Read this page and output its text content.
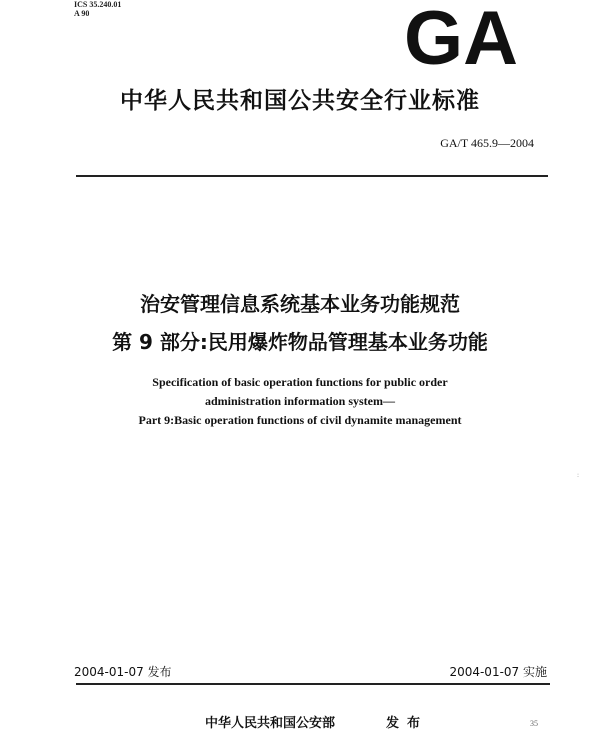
ICS 35.240.01
A 90	GA
中华人民共和国公共安全行业标准
GA/T 465.9—2004
治安管理信息系统基本业务功能规范
第 9 部分:民用爆炸物品管理基本业务功能
Specification of basic operation functions for public order
administration information system—
Part 9:Basic operation functions of civil dynamite management
:
2004-01-07 发布	2004-01-07 实施
中华人民共和国公安部	发布	35
